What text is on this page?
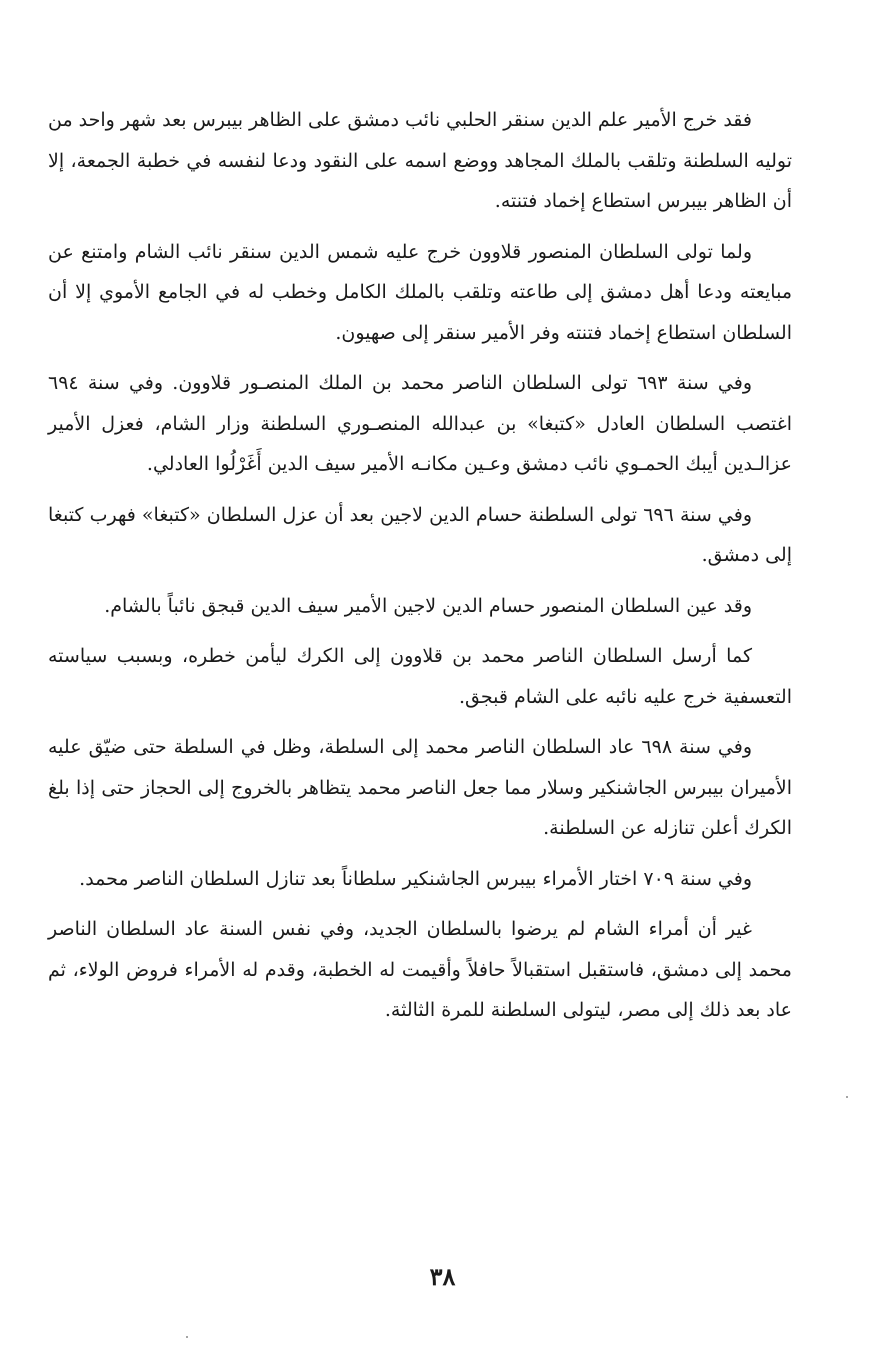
فقد خرج الأمير علم الدين سنقر الحلبي نائب دمشق على الظاهر بيبرس بعد شهر واحد من توليه السلطنة وتلقب بالملك المجاهد ووضع اسمه على النقود ودعا لنفسه في خطبة الجمعة، إلا أن الظاهر بيبرس استطاع إخماد فتنته.

ولما تولى السلطان المنصور قلاوون خرج عليه شمس الدين سنقر نائب الشام وامتنع عن مبايعته ودعا أهل دمشق إلى طاعته وتلقب بالملك الكامل وخطب له في الجامع الأموي إلا أن السلطان استطاع إخماد فتنته وفر الأمير سنقر إلى صهيون.

وفي سنة ٦٩٣ تولى السلطان الناصر محمد بن الملك المنصـور قلاوون. وفي سنة ٦٩٤ اغتصب السلطان العادل «كتبغا» بن عبدالله المنصـوري السلطنة وزار الشام، فعزل الأمير عزالـدين أيبك الحمـوي نائب دمشق وعـين مكانـه الأمير سيف الدين أَغَرْلُوا العادلي.

وفي سنة ٦٩٦ تولى السلطنة حسام الدين لاجين بعد أن عزل السلطان «كتبغا» فهرب كتبغا إلى دمشق.

وقد عين السلطان المنصور حسام الدين لاجين الأمير سيف الدين قبجق نائباً بالشام.

كما أرسل السلطان الناصر محمد بن قلاوون إلى الكرك ليأمن خطره، وبسبب سياسته التعسفية خرج عليه نائبه على الشام قبجق.

وفي سنة ٦٩٨ عاد السلطان الناصر محمد إلى السلطة، وظل في السلطة حتى ضيّق عليه الأميران بيبرس الجاشنكير وسلار مما جعل الناصر محمد يتظاهر بالخروج إلى الحجاز حتى إذا بلغ الكرك أعلن تنازله عن السلطنة.

وفي سنة ٧٠٩ اختار الأمراء بيبرس الجاشنكير سلطاناً بعد تنازل السلطان الناصر محمد.

غير أن أمراء الشام لم يرضوا بالسلطان الجديد، وفي نفس السنة عاد السلطان الناصر محمد إلى دمشق، فاستقبل استقبالاً حافلاً وأقيمت له الخطبة، وقدم له الأمراء فروض الولاء، ثم عاد بعد ذلك إلى مصر، ليتولى السلطنة للمرة الثالثة.

٣٨
